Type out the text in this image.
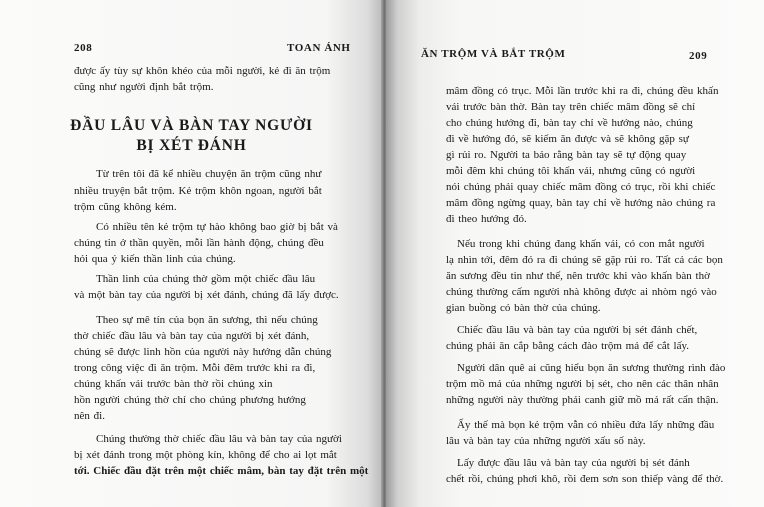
208	TOAN ÁNH

được ấy tùy sự khôn khéo của mỗi người, kẻ đi ăn trộm

cũng như người định bắt trộm.

ĐẦU LÂU VÀ BÀN TAY NGƯỜI
BỊ XÉT ĐÁNH

Từ trên tôi đã kể nhiều chuyện ăn trộm cũng như

nhiều truyện bắt trộm. Kẻ trộm khôn ngoan, người bắt

trộm cũng không kém.

Có nhiều tên kẻ trộm tự hào không bao giờ bị bắt và

chúng tin ở thần quyền, mỗi lần hành động, chúng đều

hỏi qua ý kiến thần linh của chúng.

Thần linh của chúng thờ gồm một chiếc đầu lâu

và một bàn tay của người bị xét đánh, chúng đã lấy được.

Theo sự mê tín của bọn ăn sương, thì nếu chúng

thờ chiếc đầu lâu và bàn tay của người bị xét đánh,

chúng sẽ được linh hồn của người này hướng dẫn chúng

trong công việc đi ăn trộm. Mỗi đêm trước khi ra đi,

chúng khấn vái trước bàn thờ rồi chúng xin

hồn người chúng thờ chỉ cho chúng phương hướng

nên đi.

Chúng thường thờ chiếc đầu lâu và bàn tay của người

bị xét đánh trong một phòng kín, không để cho ai lọt mắt

tới. Chiếc đầu đặt trên một chiếc mâm, bàn tay đặt trên một

ĂN TRỘM VÀ BẮT TRỘM	209

mâm đồng có trục. Mỗi lần trước khi ra đi, chúng đều khấn

vái trước bàn thờ. Bàn tay trên chiếc mâm đồng sẽ chỉ

cho chúng hướng đi, bàn tay chỉ về hướng nào, chúng

đi về hướng đó, sẽ kiếm ăn được và sẽ không gặp sự

gì rủi ro. Người ta bảo rằng bàn tay sẽ tự động quay

mỗi đêm khi chúng tôi khấn vái, nhưng cũng có người

nói chúng phải quay chiếc mâm đồng có trục, rồi khi chiếc

mâm đồng ngừng quay, bàn tay chỉ về hướng nào chúng ra

đi theo hướng đó.

Nếu trong khi chúng đang khấn vái, có con mắt người

lạ nhìn tới, đêm đó ra đi chúng sẽ gặp rủi ro. Tất cả các bọn

ăn sương đều tin như thế, nên trước khi vào khấn bàn thờ

chúng thường cấm người nhà không được ai nhòm ngó vào

gian buồng có bàn thờ của chúng.

Chiếc đầu lâu và bàn tay của người bị sét đánh chết,

chúng phải ăn cắp bằng cách đào trộm mả để cắt lấy.

Người dân quê ai cũng hiểu bọn ăn sương thường rình đào

trộm mồ mả của những người bị sét, cho nên các thân nhân

những người này thường phải canh giữ mồ mả rất cẩn thận.

Ấy thế mà bọn kẻ trộm vẫn có nhiều đứa lấy những đầu

lâu và bàn tay của những người xấu số này.

Lấy được đầu lâu và bàn tay của người bị sét đánh

chết rồi, chúng phơi khô, rồi đem sơn son thiếp vàng để thờ.
